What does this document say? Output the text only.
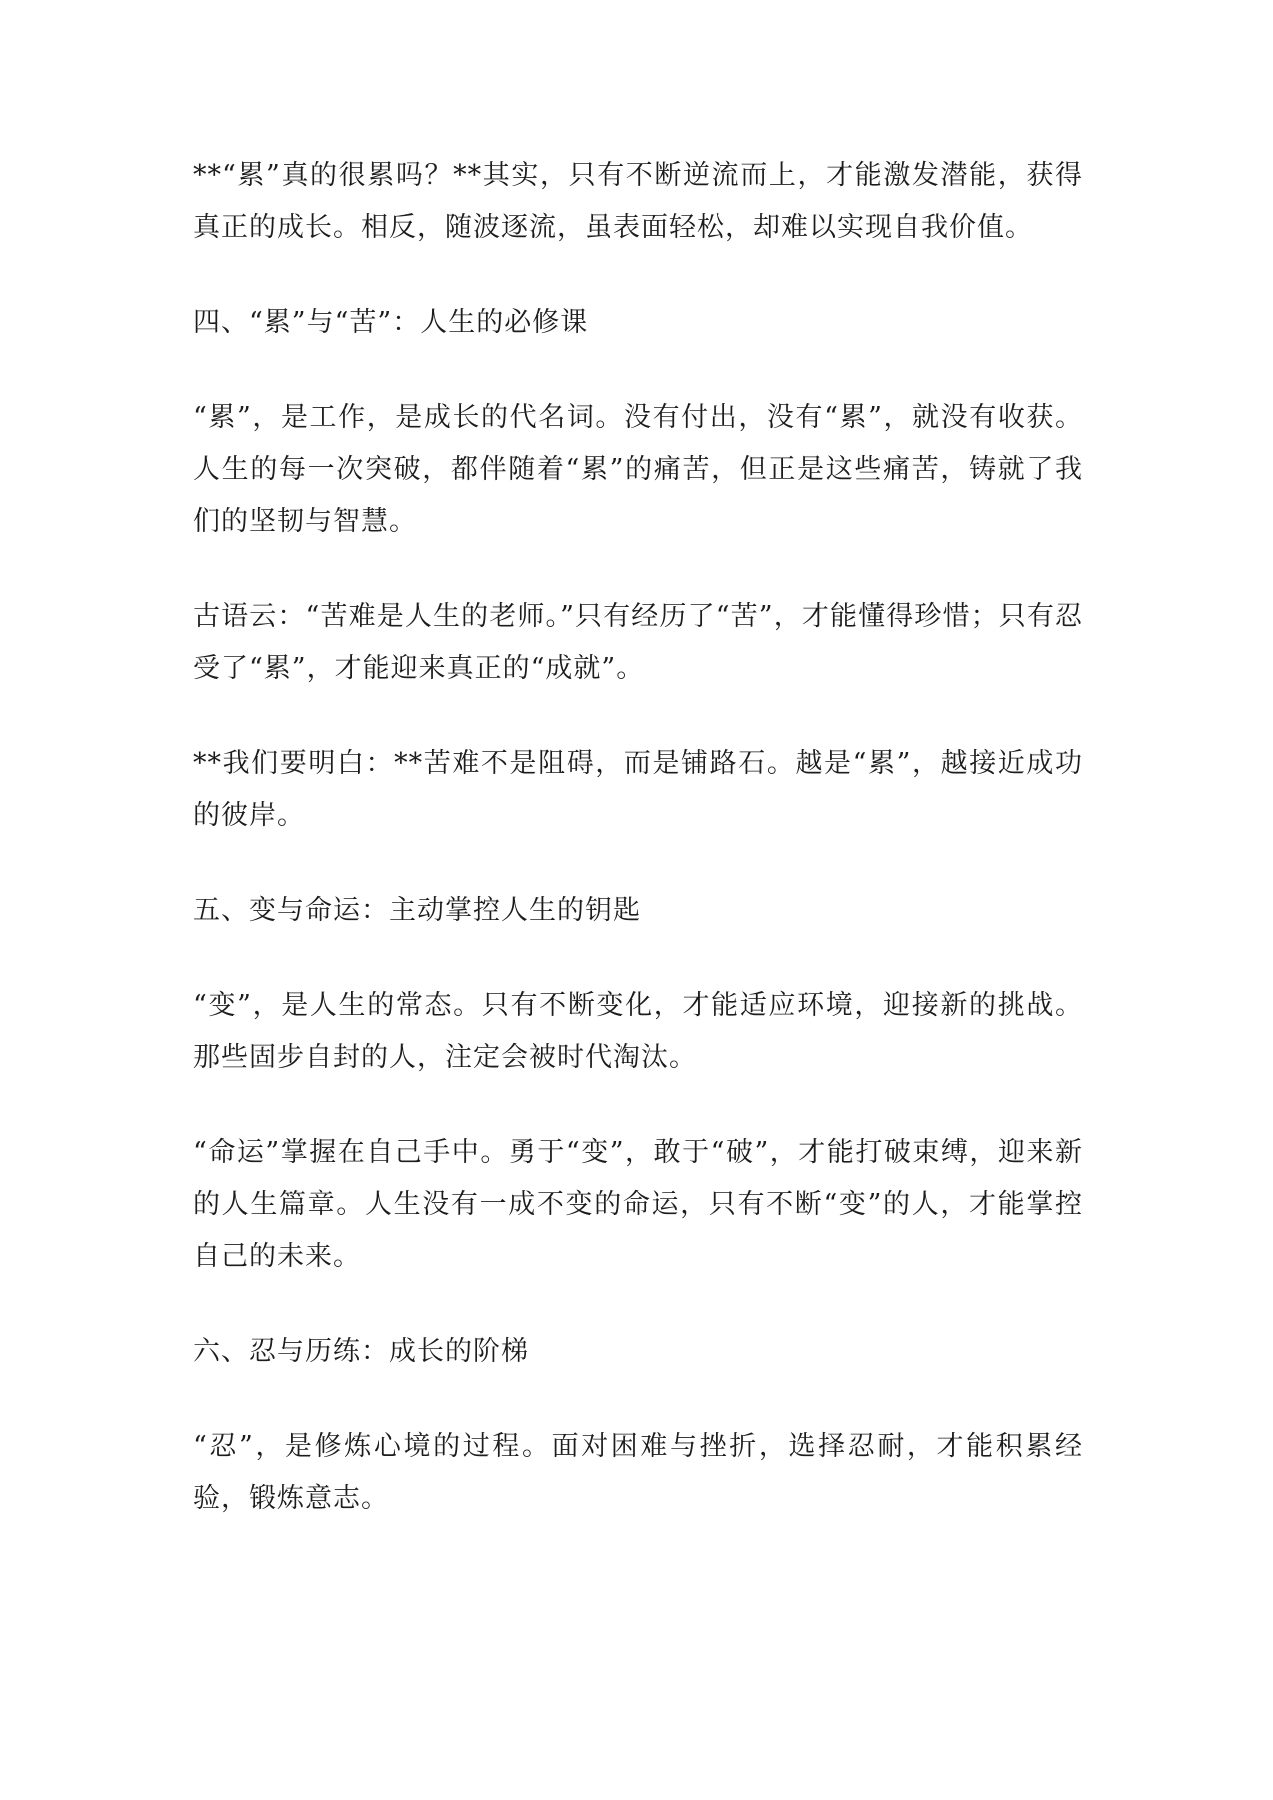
**“累”真的很累吗？**其实，只有不断逆流而上，才能激发潜能，获得真正的成长。相反，随波逐流，虽表面轻松，却难以实现自我价值。

四、“累”与“苦”：人生的必修课

“累”，是工作，是成长的代名词。没有付出，没有“累”，就没有收获。人生的每一次突破，都伴随着“累”的痛苦，但正是这些痛苦，铸就了我们的坚韧与智慧。

古语云：“苦难是人生的老师。”只有经历了“苦”，才能懂得珍惜；只有忍受了“累”，才能迎来真正的“成就”。

**我们要明白：**苦难不是阻碍，而是铺路石。越是“累”，越接近成功的彼岸。

五、变与命运：主动掌控人生的钥匙

“变”，是人生的常态。只有不断变化，才能适应环境，迎接新的挑战。那些固步自封的人，注定会被时代淘汰。

“命运”掌握在自己手中。勇于“变”，敢于“破”，才能打破束缚，迎来新的人生篇章。人生没有一成不变的命运，只有不断“变”的人，才能掌控自己的未来。

六、忍与历练：成长的阶梯

“忍”，是修炼心境的过程。面对困难与挫折，选择忍耐，才能积累经验，锻炼意志。
